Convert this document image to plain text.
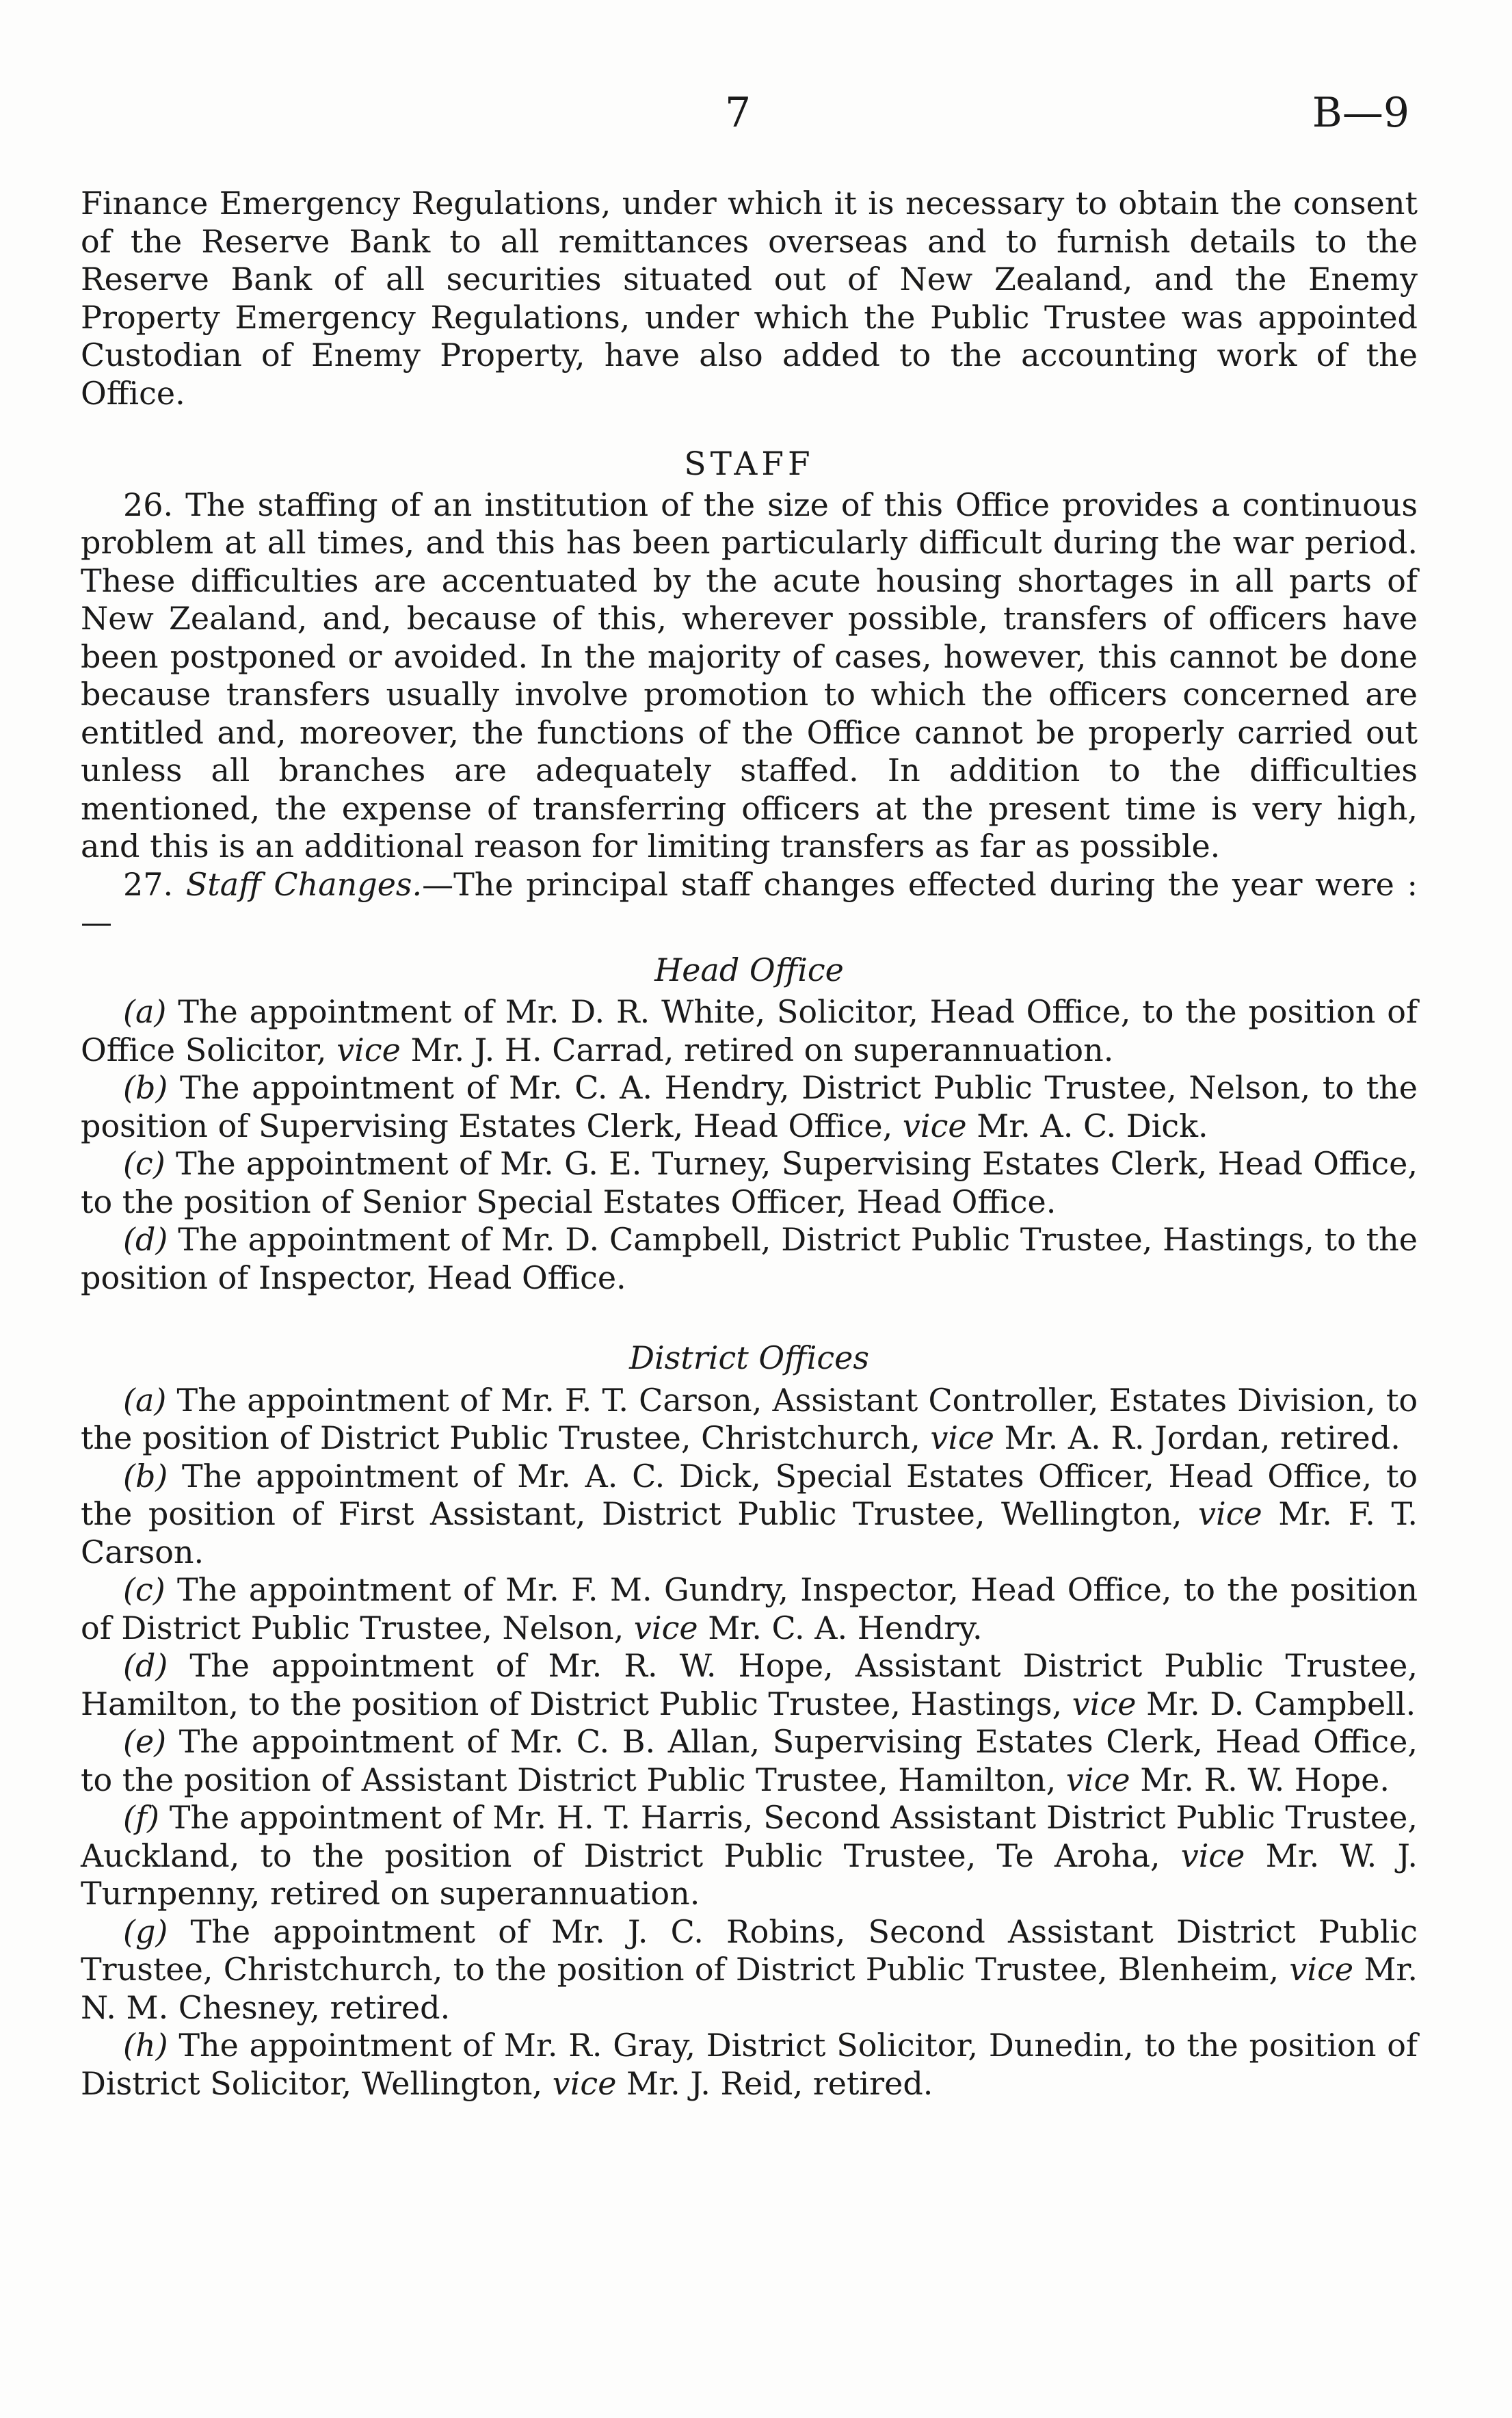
7	B—9

Finance Emergency Regulations, under which it is necessary to obtain the consent of the Reserve Bank to all remittances overseas and to furnish details to the Reserve Bank of all securities situated out of New Zealand, and the Enemy Property Emergency Regulations, under which the Public Trustee was appointed Custodian of Enemy Property, have also added to the accounting work of the Office.

STAFF

26. The staffing of an institution of the size of this Office provides a continuous problem at all times, and this has been particularly difficult during the war period. These difficulties are accentuated by the acute housing shortages in all parts of New Zealand, and, because of this, wherever possible, transfers of officers have been postponed or avoided. In the majority of cases, however, this cannot be done because transfers usually involve promotion to which the officers concerned are entitled and, moreover, the functions of the Office cannot be properly carried out unless all branches are adequately staffed. In addition to the difficulties mentioned, the expense of transferring officers at the present time is very high, and this is an additional reason for limiting transfers as far as possible.

27. Staff Changes.—The principal staff changes effected during the year were :—

Head Office

(a) The appointment of Mr. D. R. White, Solicitor, Head Office, to the position of Office Solicitor, vice Mr. J. H. Carrad, retired on superannuation.

(b) The appointment of Mr. C. A. Hendry, District Public Trustee, Nelson, to the position of Supervising Estates Clerk, Head Office, vice Mr. A. C. Dick.

(c) The appointment of Mr. G. E. Turney, Supervising Estates Clerk, Head Office, to the position of Senior Special Estates Officer, Head Office.

(d) The appointment of Mr. D. Campbell, District Public Trustee, Hastings, to the position of Inspector, Head Office.

District Offices

(a) The appointment of Mr. F. T. Carson, Assistant Controller, Estates Division, to the position of District Public Trustee, Christchurch, vice Mr. A. R. Jordan, retired.

(b) The appointment of Mr. A. C. Dick, Special Estates Officer, Head Office, to the position of First Assistant, District Public Trustee, Wellington, vice Mr. F. T. Carson.

(c) The appointment of Mr. F. M. Gundry, Inspector, Head Office, to the position of District Public Trustee, Nelson, vice Mr. C. A. Hendry.

(d) The appointment of Mr. R. W. Hope, Assistant District Public Trustee, Hamilton, to the position of District Public Trustee, Hastings, vice Mr. D. Campbell.

(e) The appointment of Mr. C. B. Allan, Supervising Estates Clerk, Head Office, to the position of Assistant District Public Trustee, Hamilton, vice Mr. R. W. Hope.

(f) The appointment of Mr. H. T. Harris, Second Assistant District Public Trustee, Auckland, to the position of District Public Trustee, Te Aroha, vice Mr. W. J. Turnpenny, retired on superannuation.

(g) The appointment of Mr. J. C. Robins, Second Assistant District Public Trustee, Christchurch, to the position of District Public Trustee, Blenheim, vice Mr. N. M. Chesney, retired.

(h) The appointment of Mr. R. Gray, District Solicitor, Dunedin, to the position of District Solicitor, Wellington, vice Mr. J. Reid, retired.
